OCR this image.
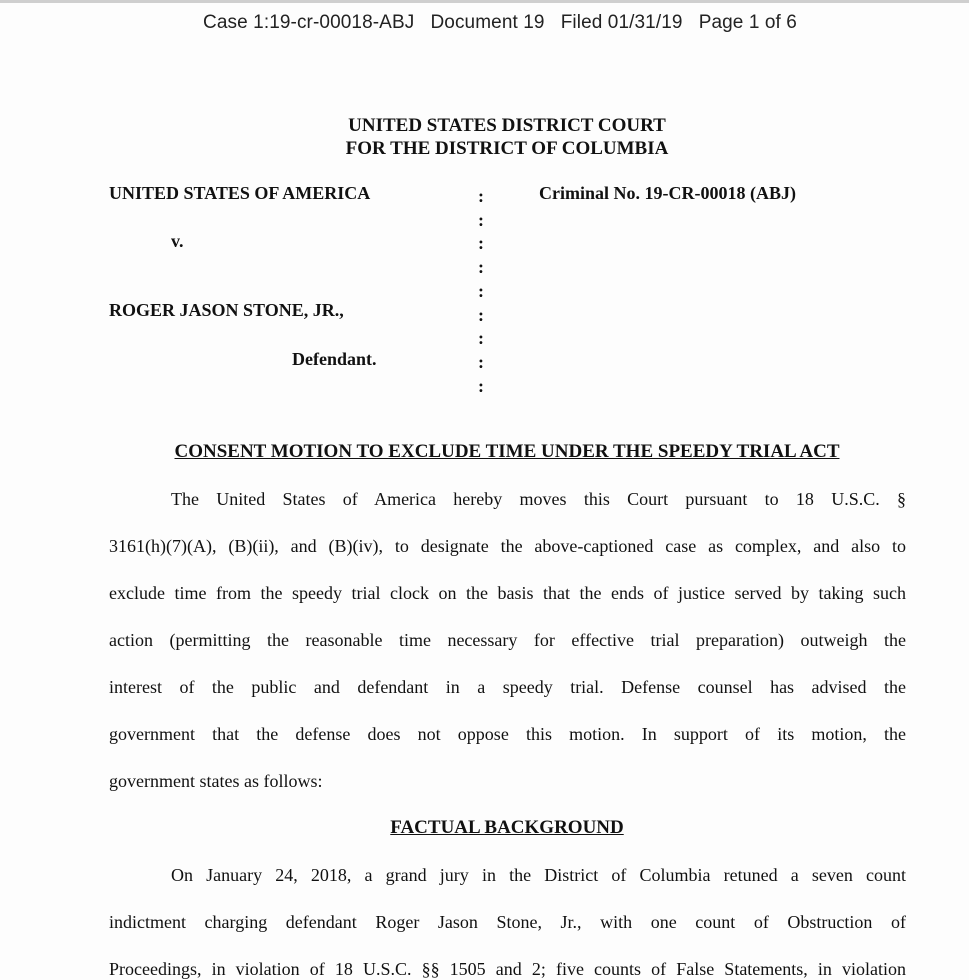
Case 1:19-cr-00018-ABJ Document 19 Filed 01/31/19 Page 1 of 6
UNITED STATES DISTRICT COURT
FOR THE DISTRICT OF COLUMBIA
UNITED STATES OF AMERICA	Criminal No. 19-CR-00018 (ABJ)
v.
ROGER JASON STONE, JR.,
Defendant.
:
:
:
:
:
:
:
:
:
CONSENT MOTION TO EXCLUDE TIME UNDER THE SPEEDY TRIAL ACT
The United States of America hereby moves this Court pursuant to 18 U.S.C. §
3161(h)(7)(A), (B)(ii), and (B)(iv), to designate the above-captioned case as complex, and also to
exclude time from the speedy trial clock on the basis that the ends of justice served by taking such
action (permitting the reasonable time necessary for effective trial preparation) outweigh the
interest of the public and defendant in a speedy trial. Defense counsel has advised the
government that the defense does not oppose this motion. In support of its motion, the
government states as follows:
FACTUAL BACKGROUND
On January 24, 2018, a grand jury in the District of Columbia retuned a seven count
indictment charging defendant Roger Jason Stone, Jr., with one count of Obstruction of
Proceedings, in violation of 18 U.S.C. §§ 1505 and 2; five counts of False Statements, in violation
